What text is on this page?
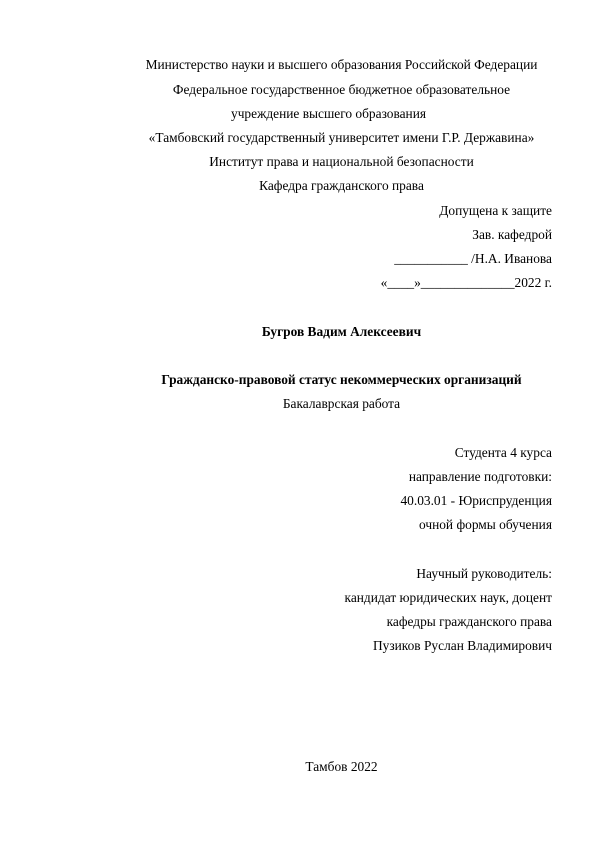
Министерство науки и высшего образования Российской Федерации
Федеральное государственное бюджетное образовательное
учреждение высшего образования
«Тамбовский государственный университет имени Г.Р. Державина»
Институт права и национальной безопасности
Кафедра гражданского права
Допущена к защите
Зав. кафедрой
___________ /Н.А. Иванова
«____»______________2022 г.
Бугров Вадим Алексеевич
Гражданско-правовой статус некоммерческих организаций
Бакалаврская работа
Студента 4 курса
направление подготовки:
40.03.01 - Юриспруденция
очной формы обучения
Научный руководитель:
кандидат юридических наук, доцент
кафедры гражданского права
Пузиков Руслан Владимирович
Тамбов 2022
